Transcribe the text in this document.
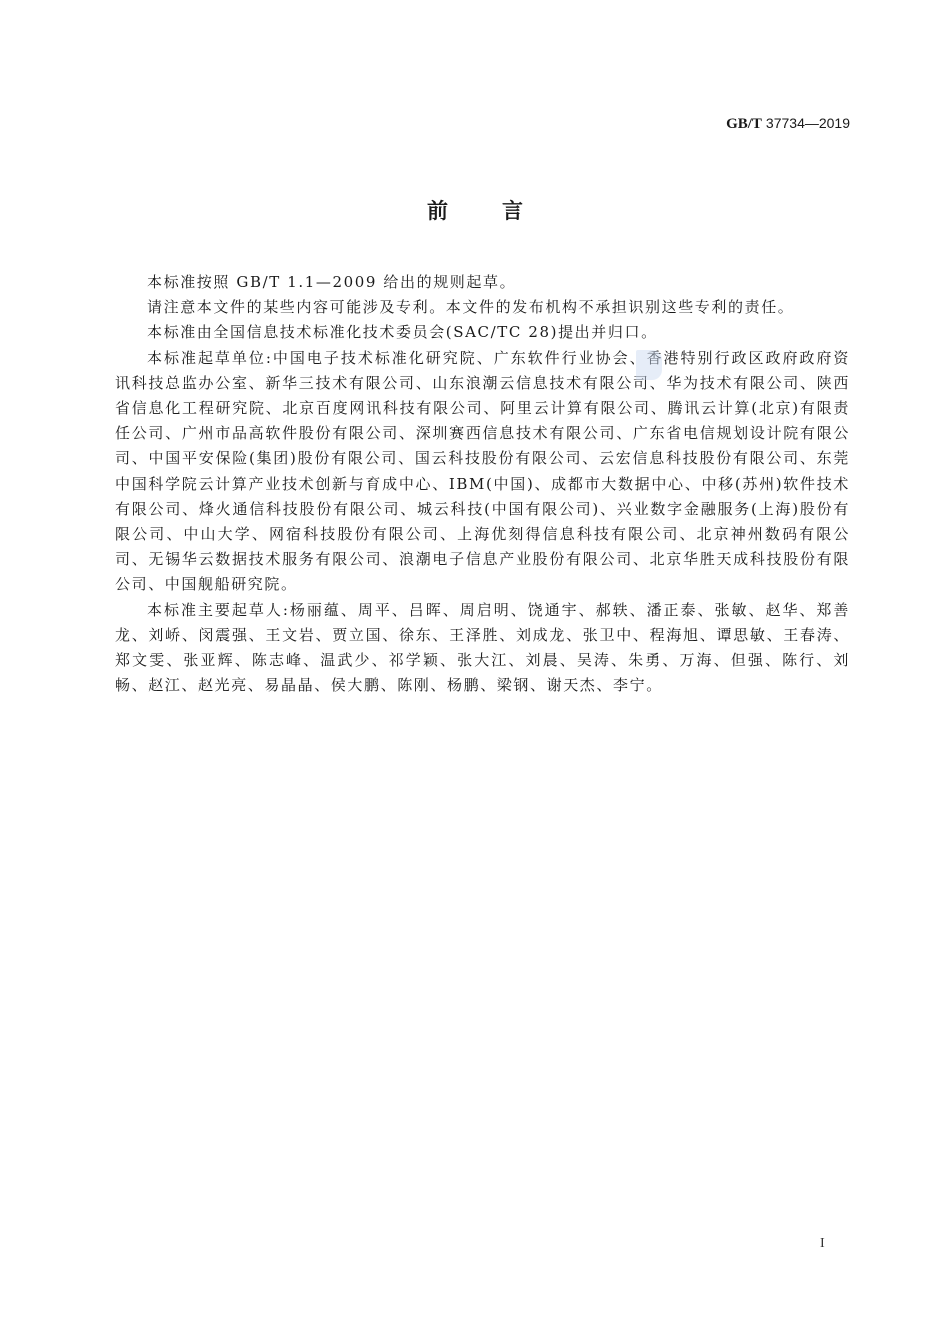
GB/T 37734—2019
前言

本标准按照 GB/T 1.1—2009 给出的规则起草。

请注意本文件的某些内容可能涉及专利。本文件的发布机构不承担识别这些专利的责任。

本标准由全国信息技术标准化技术委员会(SAC/TC 28)提出并归口。

本标准起草单位:中国电子技术标准化研究院、广东软件行业协会、香港特别行政区政府政府资讯科技总监办公室、新华三技术有限公司、山东浪潮云信息技术有限公司、华为技术有限公司、陕西省信息化工程研究院、北京百度网讯科技有限公司、阿里云计算有限公司、腾讯云计算(北京)有限责任公司、广州市品高软件股份有限公司、深圳赛西信息技术有限公司、广东省电信规划设计院有限公司、中国平安保险(集团)股份有限公司、国云科技股份有限公司、云宏信息科技股份有限公司、东莞中国科学院云计算产业技术创新与育成中心、IBM(中国)、成都市大数据中心、中移(苏州)软件技术有限公司、烽火通信科技股份有限公司、城云科技(中国有限公司)、兴业数字金融服务(上海)股份有限公司、中山大学、网宿科技股份有限公司、上海优刻得信息科技有限公司、北京神州数码有限公司、无锡华云数据技术服务有限公司、浪潮电子信息产业股份有限公司、北京华胜天成科技股份有限公司、中国舰船研究院。

本标准主要起草人:杨丽蕴、周平、吕晖、周启明、饶通宇、郝轶、潘正泰、张敏、赵华、郑善龙、刘峤、闵震强、王文岩、贾立国、徐东、王泽胜、刘成龙、张卫中、程海旭、谭思敏、王春涛、郑文雯、张亚辉、陈志峰、温武少、祁学颖、张大江、刘晨、吴涛、朱勇、万海、但强、陈行、刘畅、赵江、赵光亮、易晶晶、侯大鹏、陈刚、杨鹏、梁钢、谢天杰、李宁。

I
